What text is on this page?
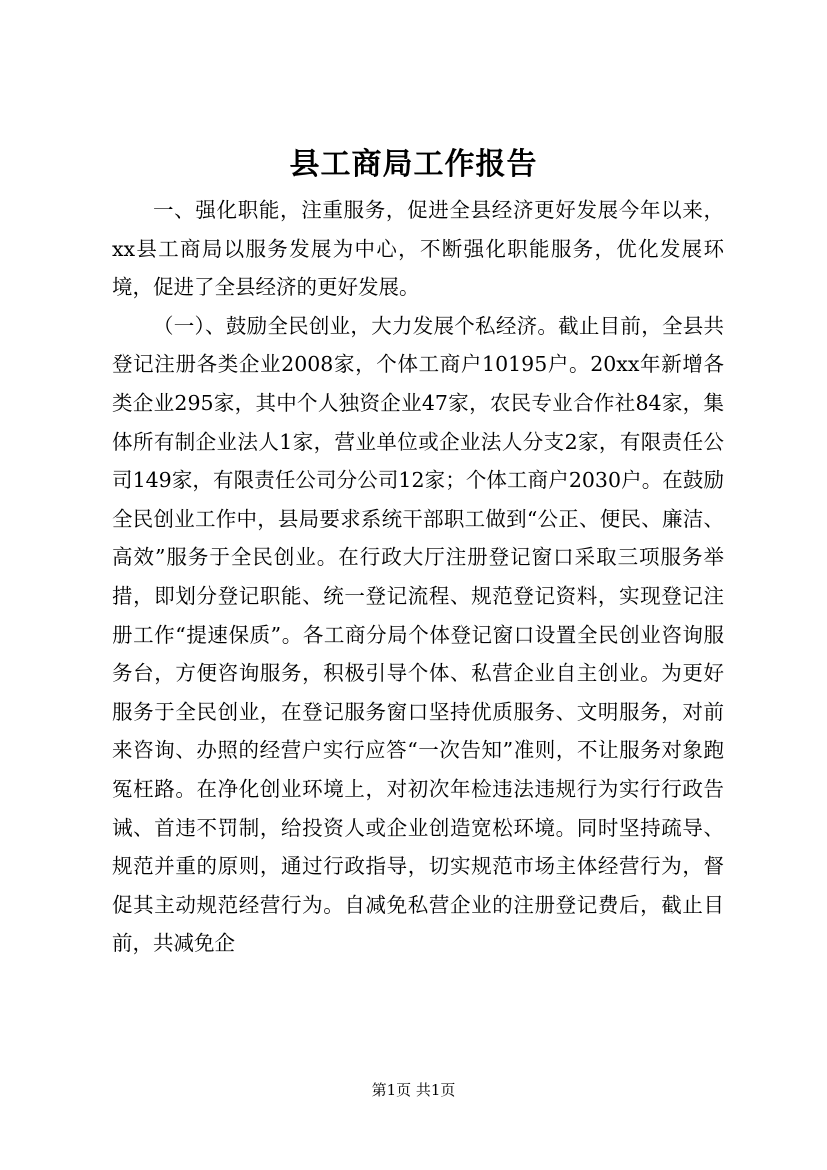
县工商局工作报告

一、强化职能，注重服务，促进全县经济更好发展今年以来，xx县工商局以服务发展为中心，不断强化职能服务，优化发展环境，促进了全县经济的更好发展。

（一）、鼓励全民创业，大力发展个私经济。截止目前，全县共登记注册各类企业2008家，个体工商户10195户。20xx年新增各类企业295家，其中个人独资企业47家，农民专业合作社84家，集体所有制企业法人1家，营业单位或企业法人分支2家，有限责任公司149家，有限责任公司分公司12家；个体工商户2030户。在鼓励全民创业工作中，县局要求系统干部职工做到“公正、便民、廉洁、高效”服务于全民创业。在行政大厅注册登记窗口采取三项服务举措，即划分登记职能、统一登记流程、规范登记资料，实现登记注册工作“提速保质”。各工商分局个体登记窗口设置全民创业咨询服务台，方便咨询服务，积极引导个体、私营企业自主创业。为更好服务于全民创业，在登记服务窗口坚持优质服务、文明服务，对前来咨询、办照的经营户实行应答“一次告知”准则，不让服务对象跑冤枉路。在净化创业环境上，对初次年检违法违规行为实行行政告诫、首违不罚制，给投资人或企业创造宽松环境。同时坚持疏导、规范并重的原则，通过行政指导，切实规范市场主体经营行为，督促其主动规范经营行为。自减免私营企业的注册登记费后，截止目前，共减免企

第1页 共1页
